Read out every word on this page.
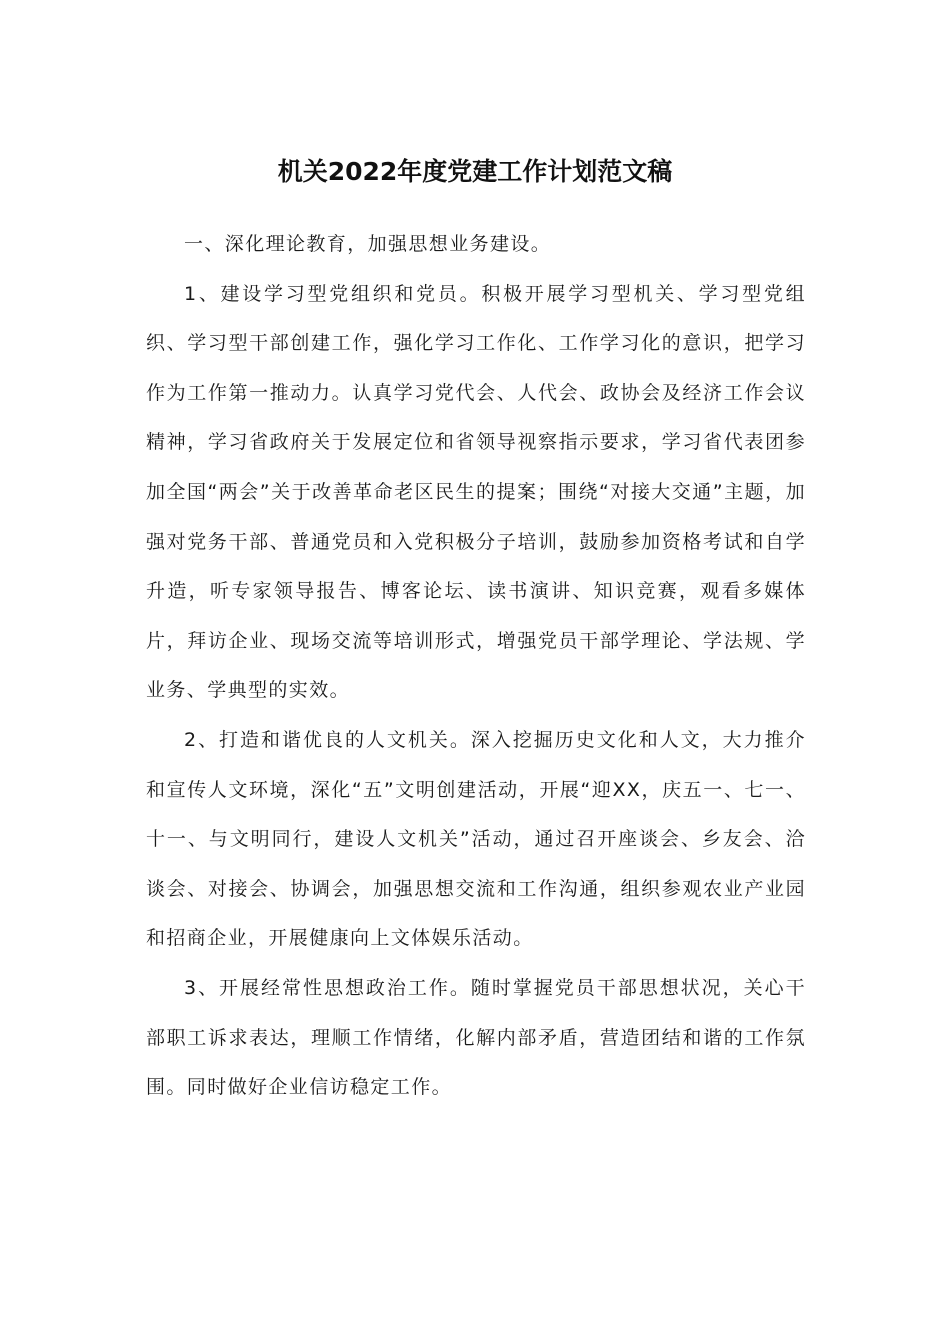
机关2022年度党建工作计划范文稿

一、深化理论教育，加强思想业务建设。

1、建设学习型党组织和党员。积极开展学习型机关、学习型党组织、学习型干部创建工作，强化学习工作化、工作学习化的意识，把学习作为工作第一推动力。认真学习党代会、人代会、政协会及经济工作会议精神，学习省政府关于发展定位和省领导视察指示要求，学习省代表团参加全国“两会”关于改善革命老区民生的提案；围绕“对接大交通”主题，加强对党务干部、普通党员和入党积极分子培训，鼓励参加资格考试和自学升造，听专家领导报告、博客论坛、读书演讲、知识竞赛，观看多媒体片，拜访企业、现场交流等培训形式，增强党员干部学理论、学法规、学业务、学典型的实效。

2、打造和谐优良的人文机关。深入挖掘历史文化和人文，大力推介和宣传人文环境，深化“五”文明创建活动，开展“迎XX，庆五一、七一、十一、与文明同行，建设人文机关”活动，通过召开座谈会、乡友会、洽谈会、对接会、协调会，加强思想交流和工作沟通，组织参观农业产业园和招商企业，开展健康向上文体娱乐活动。

3、开展经常性思想政治工作。随时掌握党员干部思想状况，关心干部职工诉求表达，理顺工作情绪，化解内部矛盾，营造团结和谐的工作氛围。同时做好企业信访稳定工作。
